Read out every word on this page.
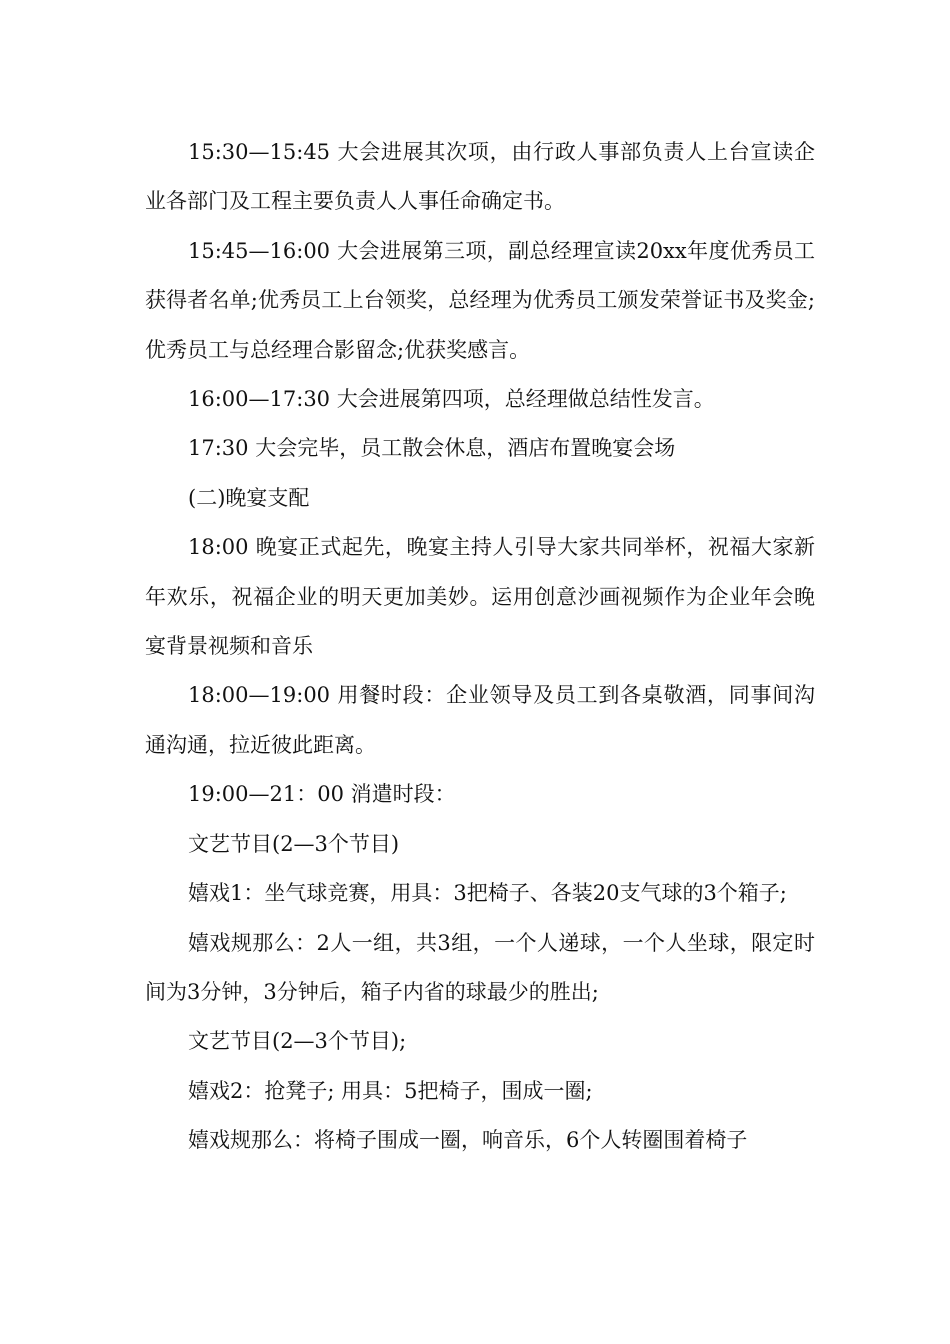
15:30—15:45 大会进展其次项，由行政人事部负责人上台宣读企业各部门及工程主要负责人人事任命确定书。

15:45—16:00 大会进展第三项，副总经理宣读20xx年度优秀员工获得者名单;优秀员工上台领奖，总经理为优秀员工颁发荣誉证书及奖金;优秀员工与总经理合影留念;优获奖感言。

16:00—17:30 大会进展第四项，总经理做总结性发言。

17:30 大会完毕，员工散会休息，酒店布置晚宴会场

(二)晚宴支配

18:00 晚宴正式起先，晚宴主持人引导大家共同举杯，祝福大家新年欢乐，祝福企业的明天更加美妙。运用创意沙画视频作为企业年会晚宴背景视频和音乐

18:00—19:00 用餐时段：企业领导及员工到各桌敬酒，同事间沟通沟通，拉近彼此距离。

19:00—21：00 消遣时段：

文艺节目(2—3个节目)

嬉戏1：坐气球竞赛，用具：3把椅子、各装20支气球的3个箱子;

嬉戏规那么：2人一组，共3组，一个人递球，一个人坐球，限定时间为3分钟，3分钟后，箱子内省的球最少的胜出;

文艺节目(2—3个节目);

嬉戏2：抢凳子; 用具：5把椅子，围成一圈;

嬉戏规那么：将椅子围成一圈，响音乐，6个人转圈围着椅子
